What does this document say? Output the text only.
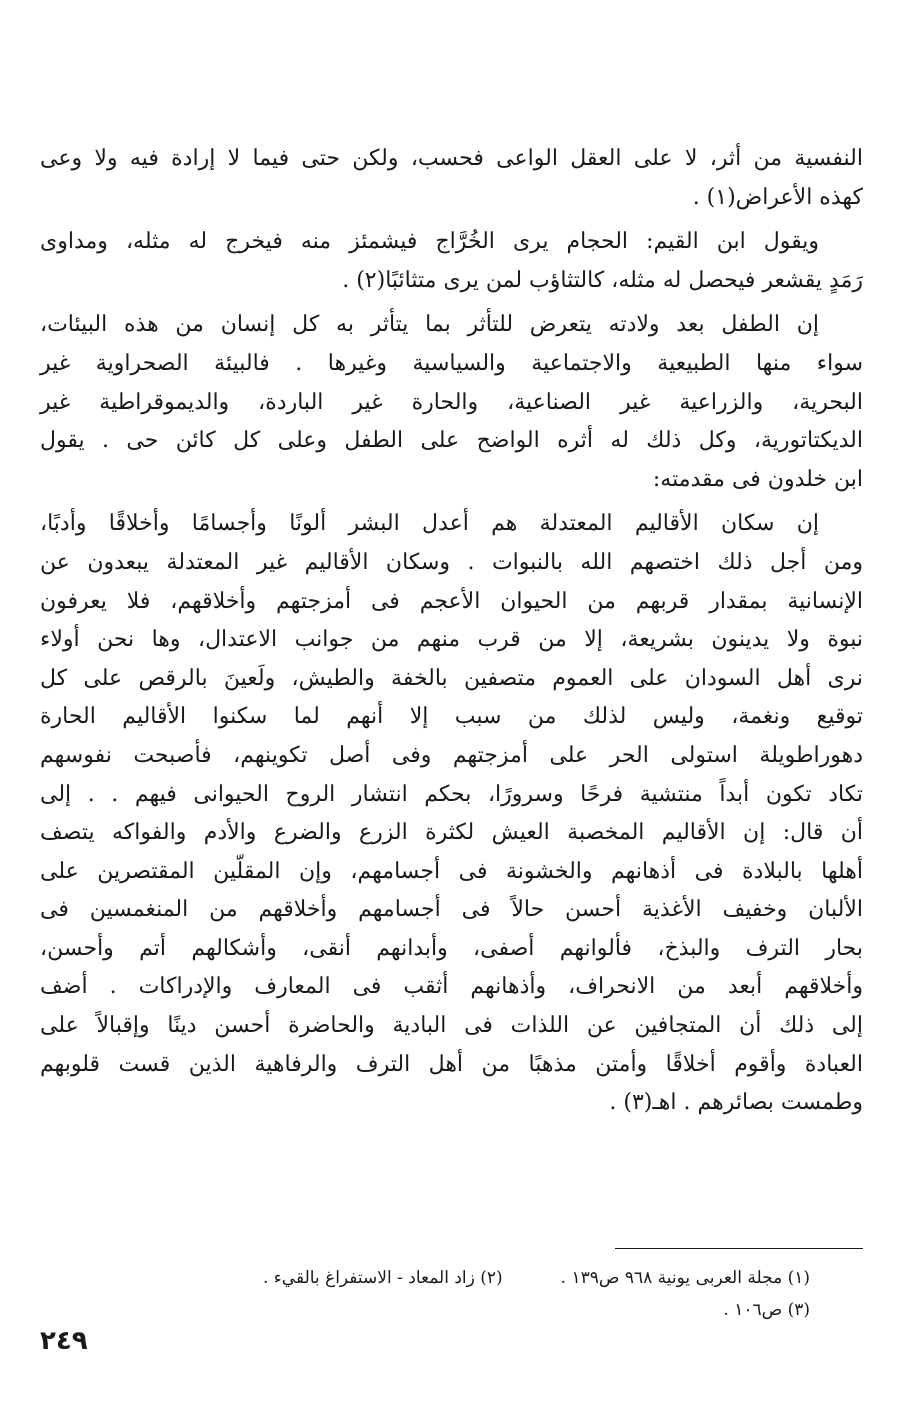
النفسية من أثر، لا على العقل الواعى فحسب، ولكن حتى فيما لا إرادة فيه ولا وعى
كهذه الأعراض(١) .
ويقول ابن القيم: الحجام يرى الخُرَّاج فيشمئز منه فيخرج له مثله، ومداوى
رَمَدٍ يقشعر فيحصل له مثله، كالتثاؤب لمن يرى متثائبًا(٢) .
إن الطفل بعد ولادته يتعرض للتأثر بما يتأثر به كل إنسان من هذه البيئات،
سواء منها الطبيعية والاجتماعية والسياسية وغيرها . فالبيئة الصحراوية غير
البحرية، والزراعية غير الصناعية، والحارة غير الباردة، والديموقراطية غير
الديكتاتورية، وكل ذلك له أثره الواضح على الطفل وعلى كل كائن حى . يقول
ابن خلدون فى مقدمته:
إن سكان الأقاليم المعتدلة هم أعدل البشر ألونًا وأجسامًا وأخلاقًا وأدبًا،
ومن أجل ذلك اختصهم الله بالنبوات . وسكان الأقاليم غير المعتدلة يبعدون عن
الإنسانية بمقدار قربهم من الحيوان الأعجم فى أمزجتهم وأخلاقهم، فلا يعرفون
نبوة ولا يدينون بشريعة، إلا من قرب منهم من جوانب الاعتدال، وها نحن أولاء
نرى أهل السودان على العموم متصفين بالخفة والطيش، ولَعينَ بالرقص على كل
توقيع ونغمة، وليس لذلك من سبب إلا أنهم لما سكنوا الأقاليم الحارة
دهوراطويلة استولى الحر على أمزجتهم وفى أصل تكوينهم، فأصبحت نفوسهم
تكاد تكون أبداً منتشية فرحًا وسرورًا، بحكم انتشار الروح الحيوانى فيهم . . إلى
أن قال: إن الأقاليم المخصبة العيش لكثرة الزرع والضرع والأدم والفواكه يتصف
أهلها بالبلادة فى أذهانهم والخشونة فى أجسامهم، وإن المقلّين المقتصرين على
الألبان وخفيف الأغذية أحسن حالاً فى أجسامهم وأخلاقهم من المنغمسين فى
بحار الترف والبذخ، فألوانهم أصفى، وأبدانهم أنقى، وأشكالهم أتم وأحسن،
وأخلاقهم أبعد من الانحراف، وأذهانهم أثقب فى المعارف والإدراكات . أضف
إلى ذلك أن المتجافين عن اللذات فى البادية والحاضرة أحسن دينًا وإقبالاً على
العبادة وأقوم أخلاقًا وأمتن مذهبًا من أهل الترف والرفاهية الذين قست قلوبهم
وطمست بصائرهم . اهـ(٣) .
(١) مجلة العربى يونية ٩٦٨ ص١٣٩ .
(٢) زاد المعاد - الاستفراغ بالقيء .
(٣) ص١٠٦ .
٢٤٩
